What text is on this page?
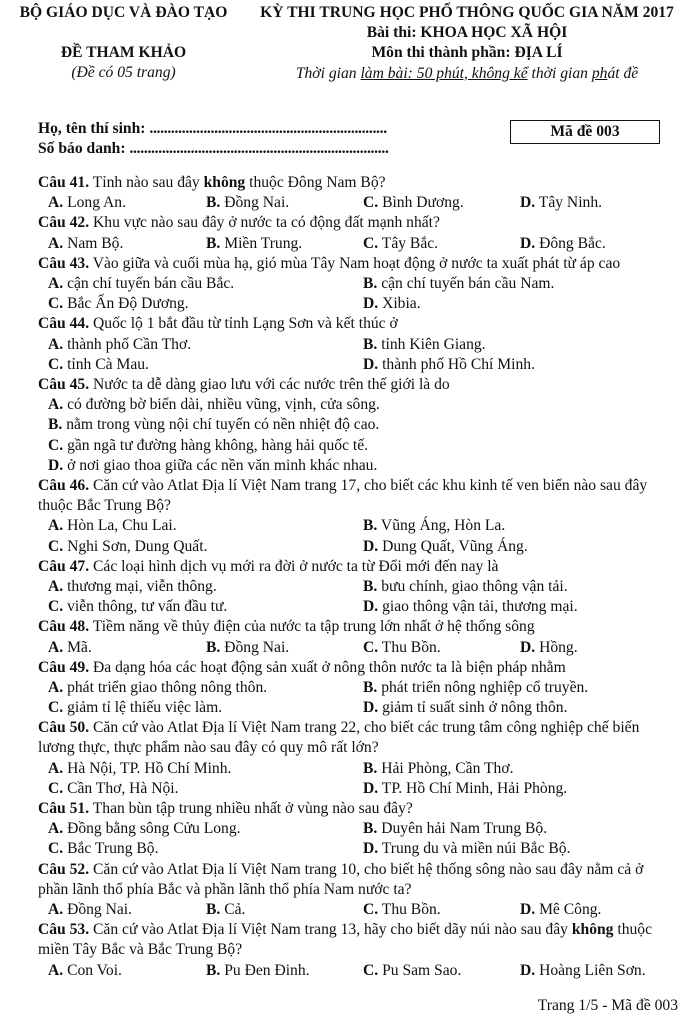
BỘ GIÁO DỤC VÀ ĐÀO TẠO
ĐỀ THAM KHẢO
(Đề có 05 trang)
KỲ THI TRUNG HỌC PHỔ THÔNG QUỐC GIA NĂM 2017
Bài thi: KHOA HỌC XÃ HỘI
Môn thi thành phần: ĐỊA LÍ
Thời gian làm bài: 50 phút, không kể thời gian phát đề
Họ, tên thí sinh: ..................................................................
Số báo danh: ........................................................................
Mã đề 003

Câu 41. Tỉnh nào sau đây không thuộc Đông Nam Bộ?

A. Long An.	B. Đồng Nai.	C. Bình Dương.	D. Tây Ninh.

Câu 42. Khu vực nào sau đây ở nước ta có động đất mạnh nhất?

A. Nam Bộ.	B. Miền Trung.	C. Tây Bắc.	D. Đông Bắc.

Câu 43. Vào giữa và cuối mùa hạ, gió mùa Tây Nam hoạt động ở nước ta xuất phát từ áp cao

A. cận chí tuyến bán cầu Bắc.	B. cận chí tuyến bán cầu Nam.
C. Bắc Ấn Độ Dương.	D. Xibia.

Câu 44. Quốc lộ 1 bắt đầu từ tỉnh Lạng Sơn và kết thúc ở

A. thành phố Cần Thơ.	B. tỉnh Kiên Giang.
C. tỉnh Cà Mau.	D. thành phố Hồ Chí Minh.

Câu 45. Nước ta dễ dàng giao lưu với các nước trên thế giới là do

A. có đường bờ biển dài, nhiều vũng, vịnh, cửa sông.
B. nằm trong vùng nội chí tuyến có nền nhiệt độ cao.
C. gần ngã tư đường hàng không, hàng hải quốc tế.
D. ở nơi giao thoa giữa các nền văn minh khác nhau.

Câu 46. Căn cứ vào Atlat Địa lí Việt Nam trang 17, cho biết các khu kinh tế ven biển nào sau đây thuộc Bắc Trung Bộ?

A. Hòn La, Chu Lai.	B. Vũng Áng, Hòn La.
C. Nghi Sơn, Dung Quất.	D. Dung Quất, Vũng Áng.

Câu 47. Các loại hình dịch vụ mới ra đời ở nước ta từ Đổi mới đến nay là

A. thương mại, viễn thông.	B. bưu chính, giao thông vận tải.
C. viễn thông, tư vấn đầu tư.	D. giao thông vận tải, thương mại.

Câu 48. Tiềm năng về thủy điện của nước ta tập trung lớn nhất ở hệ thống sông

A. Mã.	B. Đồng Nai.	C. Thu Bồn.	D. Hồng.

Câu 49. Đa dạng hóa các hoạt động sản xuất ở nông thôn nước ta là biện pháp nhằm

A. phát triển giao thông nông thôn.	B. phát triển nông nghiệp cổ truyền.
C. giảm tỉ lệ thiếu việc làm.	D. giảm tỉ suất sinh ở nông thôn.

Câu 50. Căn cứ vào Atlat Địa lí Việt Nam trang 22, cho biết các trung tâm công nghiệp chế biến lương thực, thực phẩm nào sau đây có quy mô rất lớn?

A. Hà Nội, TP. Hồ Chí Minh.	B. Hải Phòng, Cần Thơ.
C. Cần Thơ, Hà Nội.	D. TP. Hồ Chí Minh, Hải Phòng.

Câu 51. Than bùn tập trung nhiều nhất ở vùng nào sau đây?

A. Đồng bằng sông Cửu Long.	B. Duyên hải Nam Trung Bộ.
C. Bắc Trung Bộ.	D. Trung du và miền núi Bắc Bộ.

Câu 52. Căn cứ vào Atlat Địa lí Việt Nam trang 10, cho biết hệ thống sông nào sau đây nằm cả ở phần lãnh thổ phía Bắc và phần lãnh thổ phía Nam nước ta?

A. Đồng Nai.	B. Cả.	C. Thu Bồn.	D. Mê Công.

Câu 53. Căn cứ vào Atlat Địa lí Việt Nam trang 13, hãy cho biết dãy núi nào sau đây không thuộc miền Tây Bắc và Bắc Trung Bộ?

A. Con Voi.	B. Pu Đen Đinh.	C. Pu Sam Sao.	D. Hoàng Liên Sơn.
Trang 1/5 - Mã đề 003
